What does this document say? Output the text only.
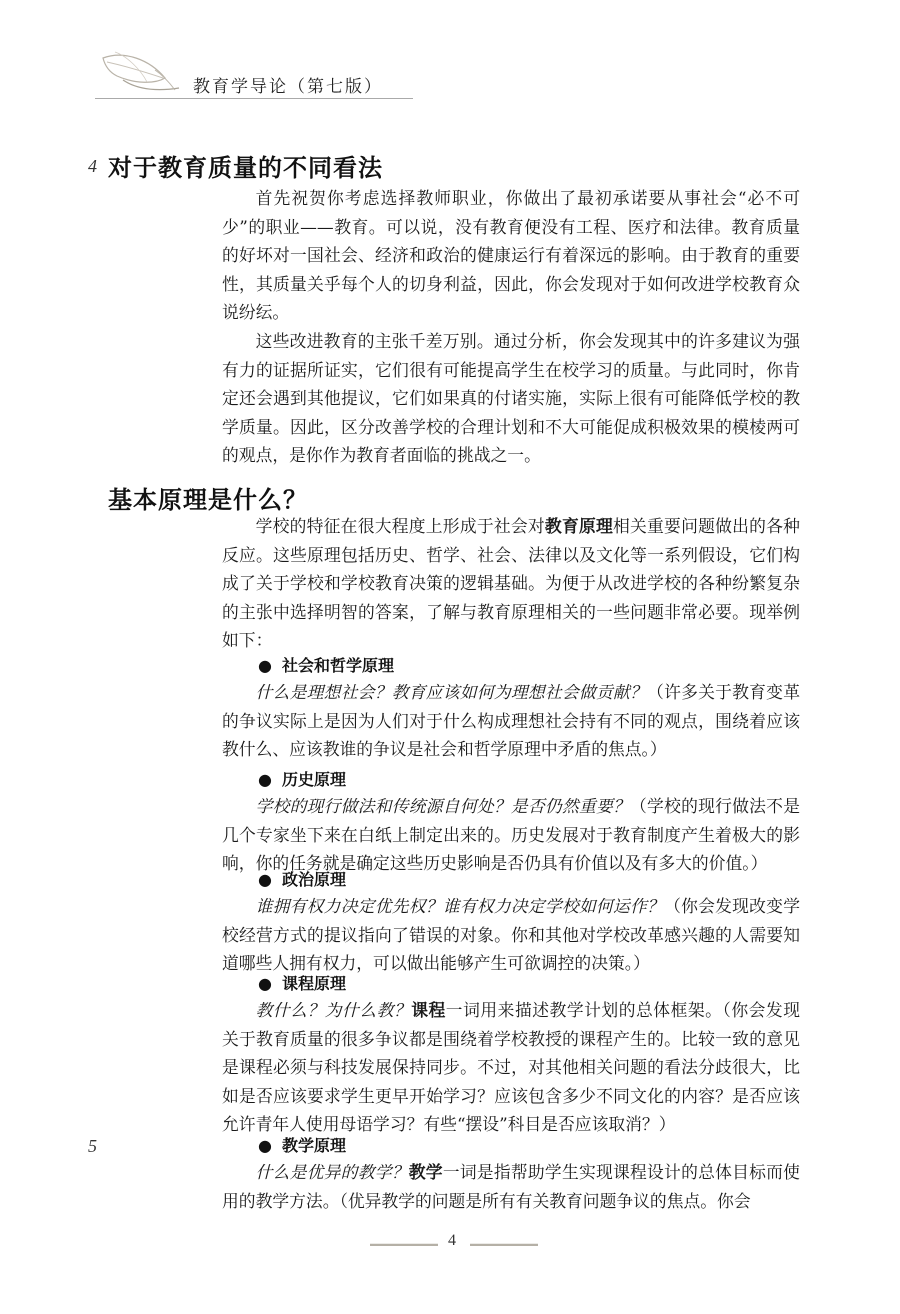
教育学导论（第七版）
4 对于教育质量的不同看法

首先祝贺你考虑选择教师职业，你做出了最初承诺要从事社会“必不可少”的职业——教育。可以说，没有教育便没有工程、医疗和法律。教育质量的好坏对一国社会、经济和政治的健康运行有着深远的影响。由于教育的重要性，其质量关乎每个人的切身利益，因此，你会发现对于如何改进学校教育众说纷纭。

这些改进教育的主张千差万别。通过分析，你会发现其中的许多建议为强有力的证据所证实，它们很有可能提高学生在校学习的质量。与此同时，你肯定还会遇到其他提议，它们如果真的付诸实施，实际上很有可能降低学校的教学质量。因此，区分改善学校的合理计划和不大可能促成积极效果的模棱两可的观点，是你作为教育者面临的挑战之一。

基本原理是什么？

学校的特征在很大程度上形成于社会对教育原理相关重要问题做出的各种反应。这些原理包括历史、哲学、社会、法律以及文化等一系列假设，它们构成了关于学校和学校教育决策的逻辑基础。为便于从改进学校的各种纷繁复杂的主张中选择明智的答案，了解与教育原理相关的一些问题非常必要。现举例如下：

● 社会和哲学原理

什么是理想社会？教育应该如何为理想社会做贡献？（许多关于教育变革的争议实际上是因为人们对于什么构成理想社会持有不同的观点，围绕着应该教什么、应该教谁的争议是社会和哲学原理中矛盾的焦点。）

● 历史原理

学校的现行做法和传统源自何处？是否仍然重要？（学校的现行做法不是几个专家坐下来在白纸上制定出来的。历史发展对于教育制度产生着极大的影响，你的任务就是确定这些历史影响是否仍具有价值以及有多大的价值。）

● 政治原理

谁拥有权力决定优先权？谁有权力决定学校如何运作？（你会发现改变学校经营方式的提议指向了错误的对象。你和其他对学校改革感兴趣的人需要知道哪些人拥有权力，可以做出能够产生可欲调控的决策。）

● 课程原理

教什么？为什么教？课程一词用来描述教学计划的总体框架。（你会发现关于教育质量的很多争议都是围绕着学校教授的课程产生的。比较一致的意见是课程必须与科技发展保持同步。不过，对其他相关问题的看法分歧很大，比如是否应该要求学生更早开始学习？应该包含多少不同文化的内容？是否应该允许青年人使用母语学习？有些“摆设”科目是否应该取消？）

5	● 教学原理

什么是优异的教学？教学一词是指帮助学生实现课程设计的总体目标而使用的教学方法。（优异教学的问题是所有有关教育问题争议的焦点。你会

4
